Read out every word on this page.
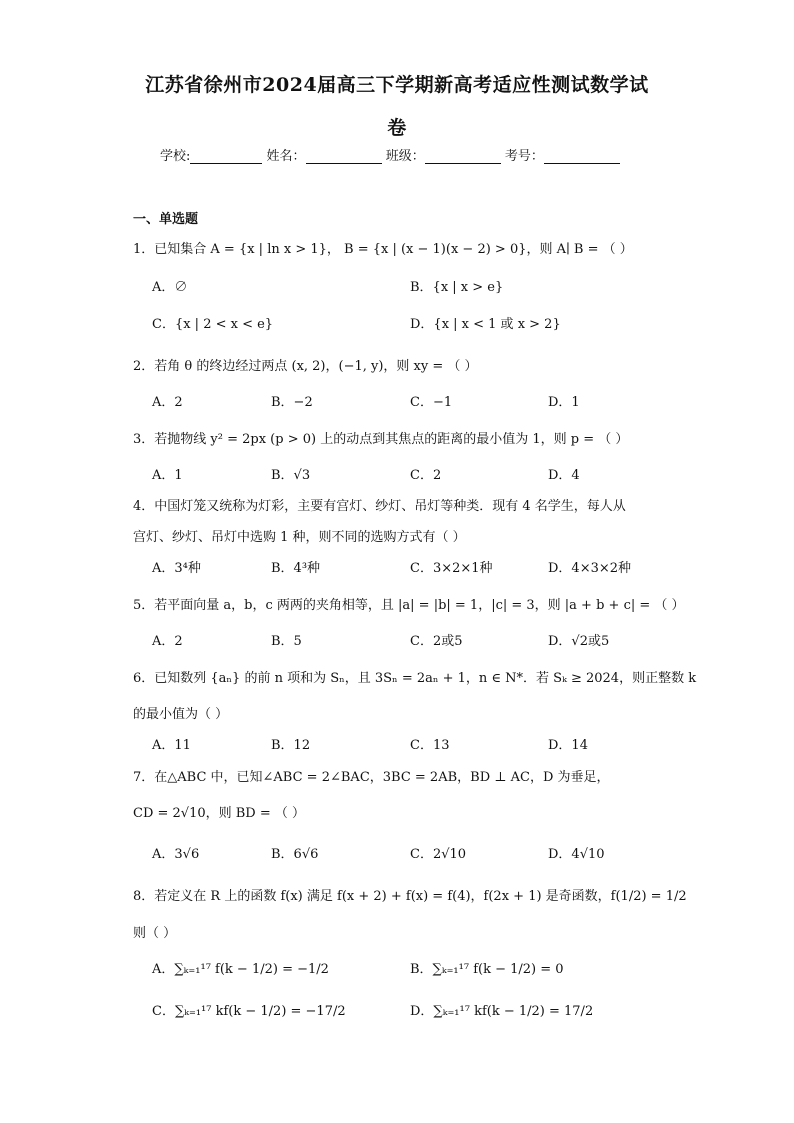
江苏省徐州市2024届高三下学期新高考适应性测试数学试
卷
学校:	姓名：	班级：	考号：
一、单选题
1．已知集合 A = {x | ln x > 1}， B = {x | (x − 1)(x − 2) > 0}，则 A∣ B = （ ）
A．∅	B．{x | x > e}
C．{x | 2 < x < e}	D．{x | x < 1 或 x > 2}
2．若角 θ 的终边经过两点 (x, 2)，(−1, y)，则 xy = （ ）
A．2	B．−2	C．−1	D．1
3．若抛物线 y² = 2px (p > 0) 上的动点到其焦点的距离的最小值为 1，则 p = （ ）
A．1	B．√3	C．2	D．4
4．中国灯笼又统称为灯彩，主要有宫灯、纱灯、吊灯等种类．现有 4 名学生，每人从
宫灯、纱灯、吊灯中选购 1 种，则不同的选购方式有（ ）
A．3⁴种	B．4³种	C．3×2×1种	D．4×3×2种
5．若平面向量 a，b，c 两两的夹角相等，且 |a| = |b| = 1，|c| = 3，则 |a + b + c| = （ ）
A．2	B．5	C．2或5	D．√2或5
6．已知数列 {aₙ} 的前 n 项和为 Sₙ，且 3Sₙ = 2aₙ + 1，n ∈ N*．若 Sₖ ≥ 2024，则正整数 k
的最小值为（ ）
A．11	B．12	C．13	D．14
7．在△ABC 中，已知∠ABC = 2∠BAC，3BC = 2AB，BD ⊥ AC，D 为垂足，
CD = 2√10，则 BD = （ ）
A．3√6	B．6√6	C．2√10	D．4√10
8．若定义在 R 上的函数 f(x) 满足 f(x + 2) + f(x) = f(4)，f(2x + 1) 是奇函数，f(1/2) = 1/2
则（ ）
A．∑ₖ₌₁¹⁷ f(k − 1/2) = −1/2	B．∑ₖ₌₁¹⁷ f(k − 1/2) = 0
C．∑ₖ₌₁¹⁷ kf(k − 1/2) = −17/2	D．∑ₖ₌₁¹⁷ kf(k − 1/2) = 17/2
